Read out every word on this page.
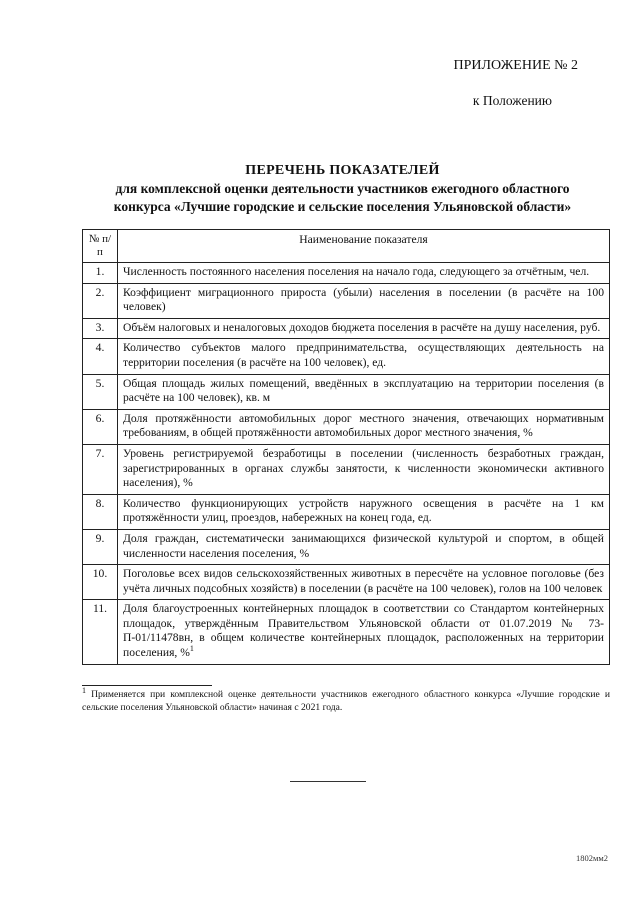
ПРИЛОЖЕНИЕ № 2
к Положению
ПЕРЕЧЕНЬ ПОКАЗАТЕЛЕЙ
для комплексной оценки деятельности участников ежегодного областного
конкурса «Лучшие городские и сельские поселения Ульяновской области»
№ п/п	Наименование показателя
1.	Численность постоянного населения поселения на начало года, следующего за отчётным, чел.
2.	Коэффициент миграционного прироста (убыли) населения в поселении (в расчёте на 100 человек)
3.	Объём налоговых и неналоговых доходов бюджета поселения в расчёте на душу населения, руб.
4.	Количество субъектов малого предпринимательства, осуществляющих деятельность на территории поселения (в расчёте на 100 человек), ед.
5.	Общая площадь жилых помещений, введённых в эксплуатацию на территории поселения (в расчёте на 100 человек), кв. м
6.	Доля протяжённости автомобильных дорог местного значения, отвечающих нормативным требованиям, в общей протяжённости автомобильных дорог местного значения, %
7.	Уровень регистрируемой безработицы в поселении (численность безработных граждан, зарегистрированных в органах службы занятости, к численности экономически активного населения), %
8.	Количество функционирующих устройств наружного освещения в расчёте на 1 км протяжённости улиц, проездов, набережных на конец года, ед.
9.	Доля граждан, систематически занимающихся физической культурой и спортом, в общей численности населения поселения, %
10.	Поголовье всех видов сельскохозяйственных животных в пересчёте на условное поголовье (без учёта личных подсобных хозяйств) в поселении (в расчёте на 100 человек), голов на 100 человек
11.	Доля благоустроенных контейнерных площадок в соответствии со Стандартом контейнерных площадок, утверждённым Правительством Ульяновской области от 01.07.2019 № 73-П-01/11478вн, в общем количестве контейнерных площадок, расположенных на территории поселения, %$^1$
$^1$ Применяется при комплексной оценке деятельности участников ежегодного областного конкурса «Лучшие городские и сельские поселения Ульяновской области» начиная с 2021 года.
1802мм2
